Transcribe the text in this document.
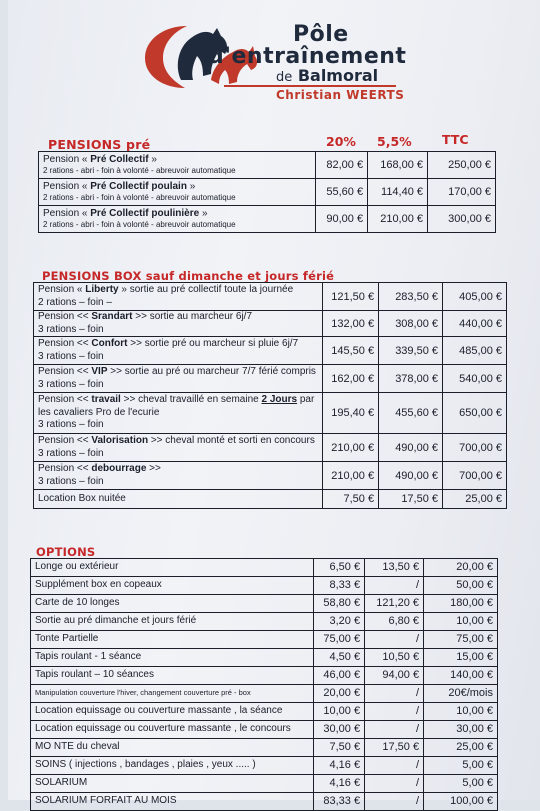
Pôle
d'entraînement
de Balmoral
Christian WEERTS
PENSIONS pré	20% 5,5% TTC
Pension « Pré Collectif »
2 rations - abri - foin à volonté - abreuvoir automatique	82,00 €	168,00 €	250,00 €
Pension « Pré Collectif poulain »
2 rations - abri - foin à volonté - abreuvoir automatique	55,60 €	114,40 €	170,00 €
Pension « Pré Collectif poulinière »
2 rations - abri - foin à volonté - abreuvoir automatique	90,00 €	210,00 €	300,00 €
PENSIONS BOX sauf dimanche et jours férié
Pension « Liberty » sortie au pré collectif toute la journée
2 rations – foin –	121,50 €	283,50 €	405,00 €

Pension << Srandart >> sortie au marcheur 6j/7
3 rations – foin	132,00 €	308,00 €	440,00 €

Pension << Confort >> sortie pré ou marcheur si pluie 6j/7
3 rations – foin	145,50 €	339,50 €	485,00 €

Pension << VIP >> sortie au pré ou marcheur 7/7 férié compris
3 rations – foin	162,00 €	378,00 €	540,00 €

Pension << travail >> cheval travaillé en semaine 2 Jours par
les cavaliers Pro de l'ecurie
3 rations – foin	195,40 €	455,60 €	650,00 €

Pension << Valorisation >> cheval monté et sorti en concours
3 rations – foin	210,00 €	490,00 €	700,00 €

Pension << debourrage >>
3 rations – foin	210,00 €	490,00 €	700,00 €

Location Box nuitée	7,50 €	17,50 €	25,00 €
OPTIONS
Longe ou extérieur	6,50 €	13,50 €	20,00 €
Supplément box en copeaux	8,33 €	/	50,00 €
Carte de 10 longes	58,80 €	121,20 €	180,00 €
Sortie au pré dimanche et jours férié	3,20 €	6,80 €	10,00 €
Tonte Partielle	75,00 €	/	75,00 €
Tapis roulant - 1 séance	4,50 €	10,50 €	15,00 €
Tapis roulant – 10 séances	46,00 €	94,00 €	140,00 €
Manipulation couverture l'hiver, changement couverture pré - box	20,00 €	/	20€/mois
Location equissage ou couverture massante , la séance	10,00 €	/	10,00 €
Location equissage ou couverture massante , le concours	30,00 €	/	30,00 €
MO NTE du cheval	7,50 €	17,50 €	25,00 €
SOINS ( injections , bandages , plaies , yeux ..... )	4,16 €	/	5,00 €
SOLARIUM	4,16 €	/	5,00 €
SOLARIUM FORFAIT AU MOIS	83,33 €	/	100,00 €
